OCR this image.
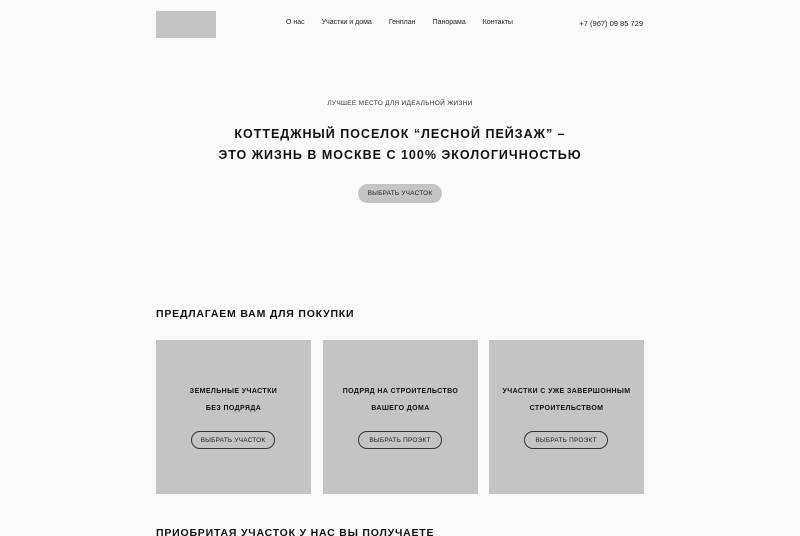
О нас Участки и дома Генплан Панорама Контакты	+7 (967) 09 85 729
ЛУЧШЕЕ МЕСТО ДЛЯ ИДЕАЛЬНОЙ ЖИЗНИ
КОТТЕДЖНЫЙ ПОСЕЛОК “ЛЕСНОЙ ПЕЙЗАЖ” –
ЭТО ЖИЗНЬ В МОСКВЕ С 100% ЭКОЛОГИЧНОСТЬЮ
ВЫБРАТЬ УЧАСТОК
ПРЕДЛАГАЕМ ВАМ ДЛЯ ПОКУПКИ
ЗЕМЕЛЬНЫЕ УЧАСТКИ
БЕЗ ПОДРЯДА
ВЫБРАТЬ УЧАСТОК
ПОДРЯД НА СТРОИТЕЛЬСТВО
ВАШЕГО ДОМА
ВЫБРАТЬ ПРОЭКТ
УЧАСТКИ С УЖЕ ЗАВЕРШОННЫМ
СТРОИТЕЛЬСТВОМ
ВЫБРАТЬ ПРОЭКТ
ПРИОБРИТАЯ УЧАСТОК У НАС ВЫ ПОЛУЧАЕТЕ
